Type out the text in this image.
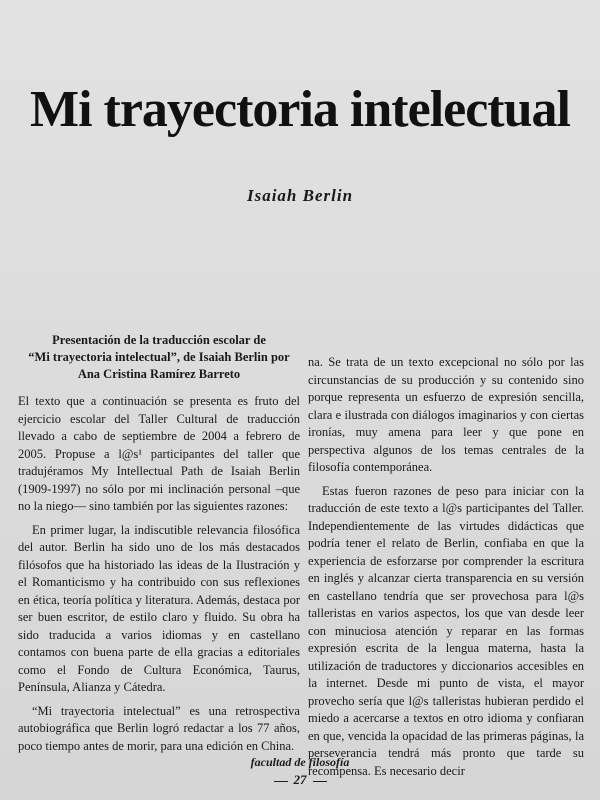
Mi trayectoria intelectual
Isaiah Berlin
Presentación de la traducción escolar de
“Mi trayectoria intelectual”, de Isaiah Berlin por
Ana Cristina Ramírez Barreto

El texto que a continuación se presenta es fruto del ejercicio escolar del Taller Cultural de traducción llevado a cabo de septiembre de 2004 a febrero de 2005. Propuse a l@s¹ participantes del taller que tradujéramos My Intellectual Path de Isaiah Berlin (1909-1997) no sólo por mi inclinación personal –que no la niego— sino también por las siguientes razones:

En primer lugar, la indiscutible relevancia filosófica del autor. Berlin ha sido uno de los más destacados filósofos que ha historiado las ideas de la Ilustración y el Romanticismo y ha contribuido con sus reflexiones en ética, teoría política y literatura. Además, destaca por ser buen escritor, de estilo claro y fluido. Su obra ha sido traducida a varios idiomas y en castellano contamos con buena parte de ella gracias a editoriales como el Fondo de Cultura Económica, Taurus, Península, Alianza y Cátedra.

“Mi trayectoria intelectual” es una retrospectiva autobiográfica que Berlin logró redactar a los 77 años, poco tiempo antes de morir, para una edición en China.

na. Se trata de un texto excepcional no sólo por las circunstancias de su producción y su contenido sino porque representa un esfuerzo de expresión sencilla, clara e ilustrada con diálogos imaginarios y con ciertas ironías, muy amena para leer y que pone en perspectiva algunos de los temas centrales de la filosofía contemporánea.

Estas fueron razones de peso para iniciar con la traducción de este texto a l@s participantes del Taller. Independientemente de las virtudes didácticas que podría tener el relato de Berlin, confiaba en que la experiencia de esforzarse por comprender la escritura en inglés y alcanzar cierta transparencia en su versión en castellano tendría que ser provechosa para l@s talleristas en varios aspectos, los que van desde leer con minuciosa atención y reparar en las formas expresión escrita de la lengua materna, hasta la utilización de traductores y diccionarios accesibles en la internet. Desde mi punto de vista, el mayor provecho sería que l@s talleristas hubieran perdido el miedo a acercarse a textos en otro idioma y confiaran en que, vencida la opacidad de las primeras páginas, la perseverancia tendrá más pronto que tarde su recompensa. Es necesario decir

facultad de filosofía
27
